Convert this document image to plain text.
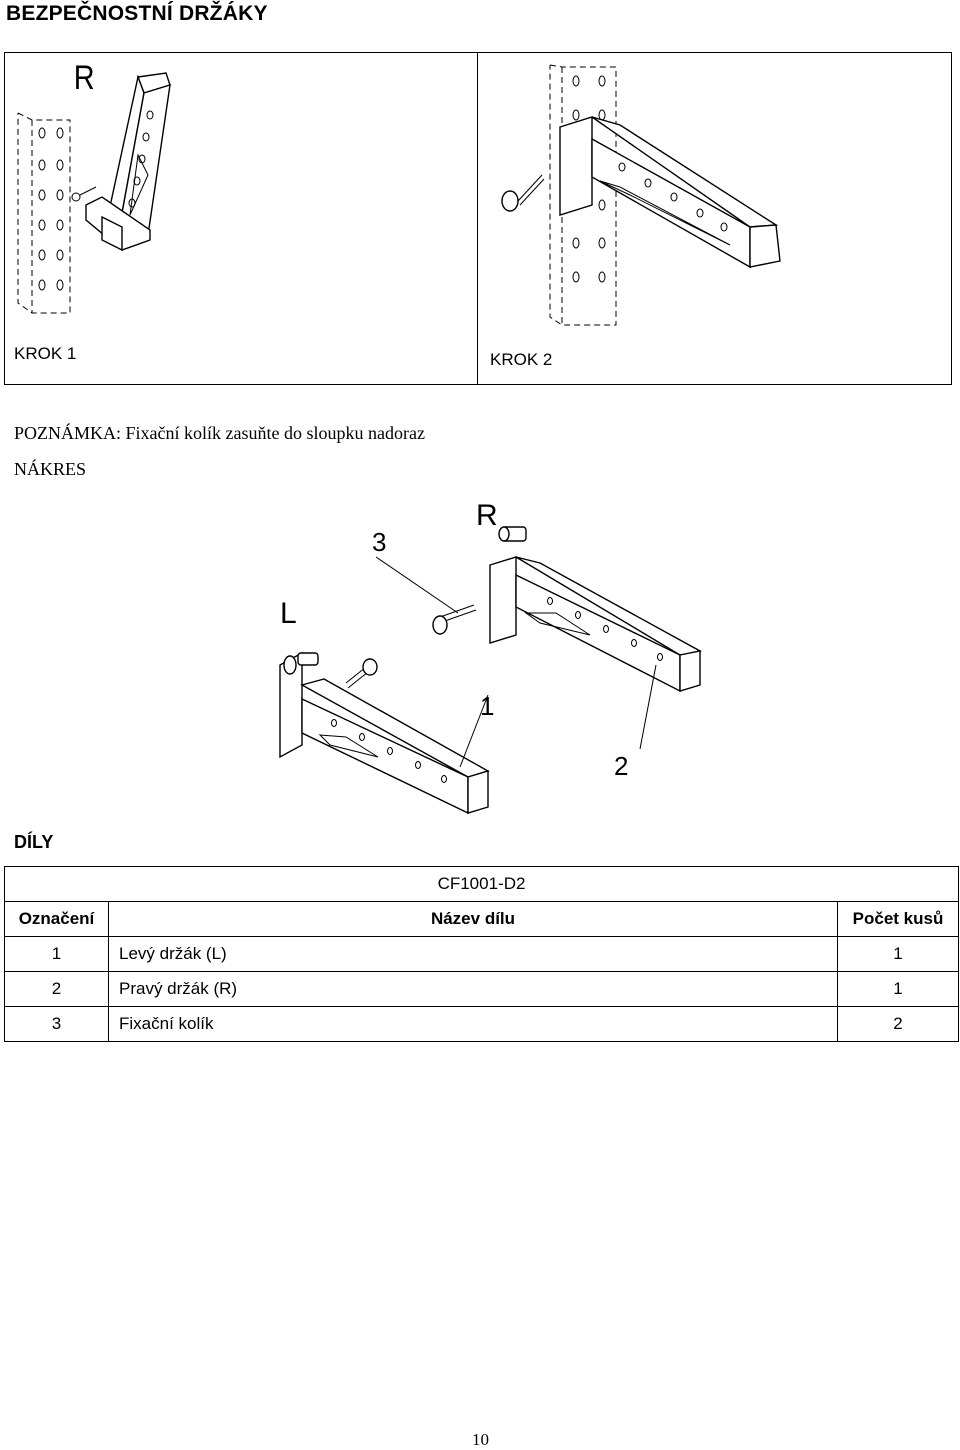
BEZPEČNOSTNÍ DRŽÁKY
R
KROK 1	KROK 2
POZNÁMKA: Fixační kolík zasuňte do sloupku nadoraz
NÁKRES
R
L
3
1
2
DÍLY
CF1001-D2		
Označení	Název dílu	Počet kusů
1	Levý držák (L)	1
2	Pravý držák (R)	1
3	Fixační kolík	2
10
